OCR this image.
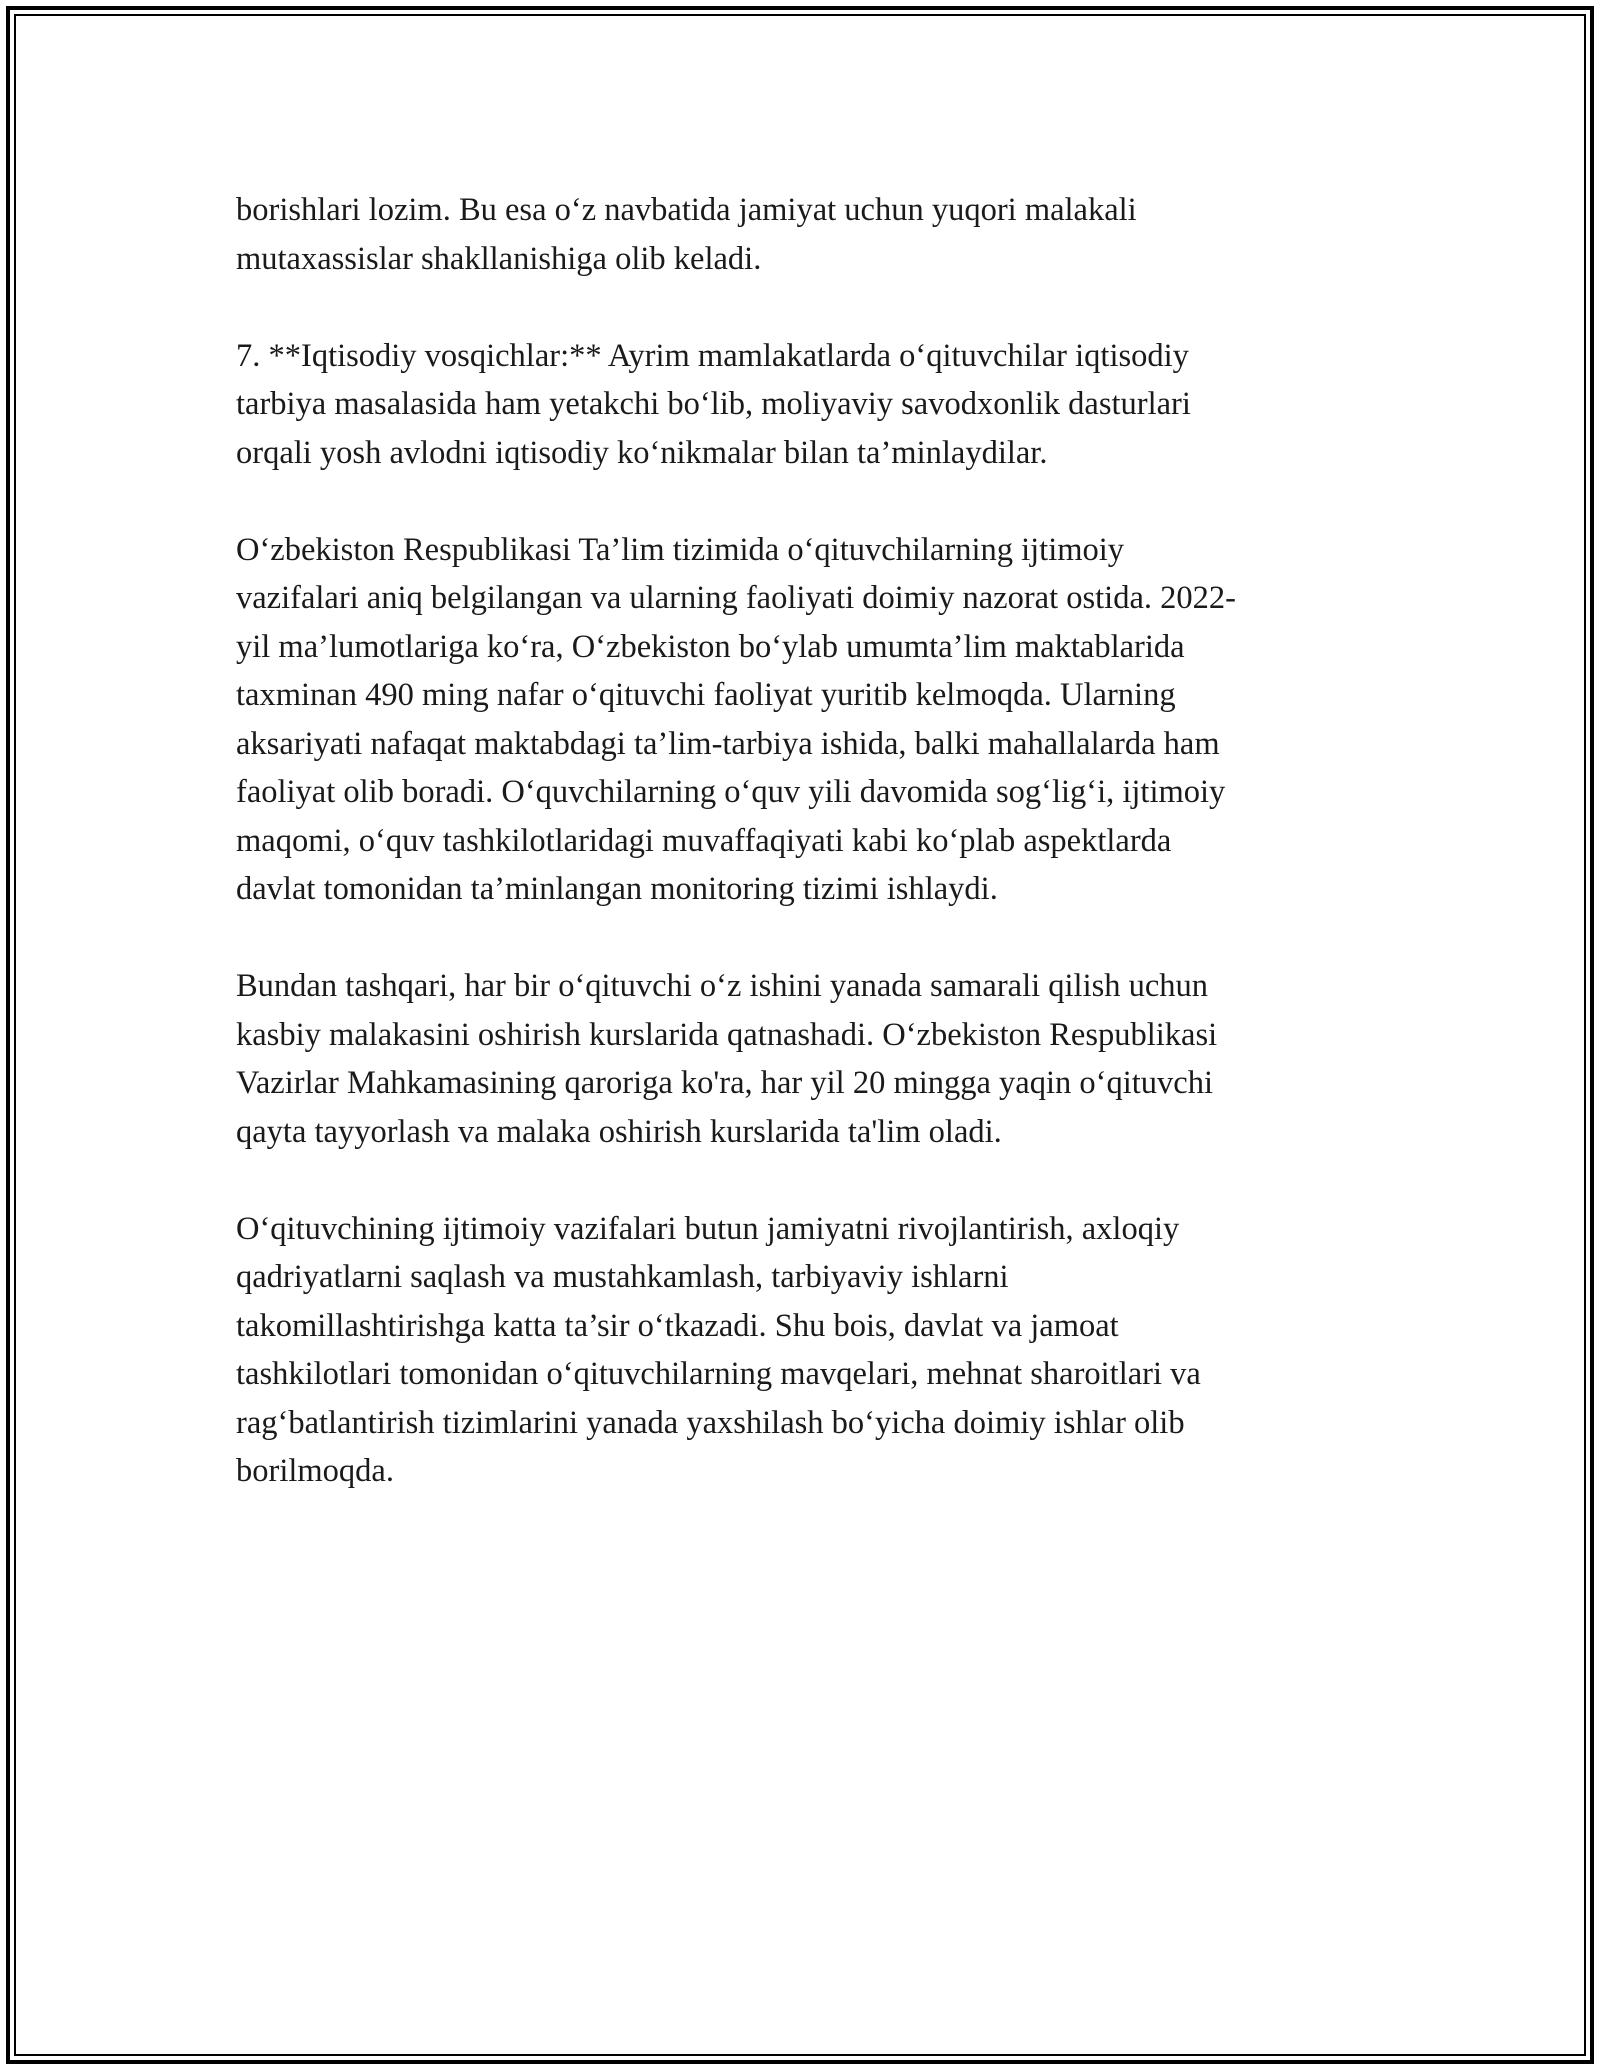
borishlari lozim. Bu esa o‘z navbatida jamiyat uchun yuqori malakali
mutaxassislar shakllanishiga olib keladi.

7. **Iqtisodiy vosqichlar:** Ayrim mamlakatlarda o‘qituvchilar iqtisodiy
tarbiya masalasida ham yetakchi bo‘lib, moliyaviy savodxonlik dasturlari
orqali yosh avlodni iqtisodiy ko‘nikmalar bilan ta’minlaydilar.

O‘zbekiston Respublikasi Ta’lim tizimida o‘qituvchilarning ijtimoiy
vazifalari aniq belgilangan va ularning faoliyati doimiy nazorat ostida. 2022-
yil ma’lumotlariga ko‘ra, O‘zbekiston bo‘ylab umumta’lim maktablarida
taxminan 490 ming nafar o‘qituvchi faoliyat yuritib kelmoqda. Ularning
aksariyati nafaqat maktabdagi ta’lim-tarbiya ishida, balki mahallalarda ham
faoliyat olib boradi. O‘quvchilarning o‘quv yili davomida sog‘lig‘i, ijtimoiy
maqomi, o‘quv tashkilotlaridagi muvaffaqiyati kabi ko‘plab aspektlarda
davlat tomonidan ta’minlangan monitoring tizimi ishlaydi.

Bundan tashqari, har bir o‘qituvchi o‘z ishini yanada samarali qilish uchun
kasbiy malakasini oshirish kurslarida qatnashadi. O‘zbekiston Respublikasi
Vazirlar Mahkamasining qaroriga ko'ra, har yil 20 mingga yaqin o‘qituvchi
qayta tayyorlash va malaka oshirish kurslarida ta'lim oladi.

O‘qituvchining ijtimoiy vazifalari butun jamiyatni rivojlantirish, axloqiy
qadriyatlarni saqlash va mustahkamlash, tarbiyaviy ishlarni
takomillashtirishga katta ta’sir o‘tkazadi. Shu bois, davlat va jamoat
tashkilotlari tomonidan o‘qituvchilarning mavqelari, mehnat sharoitlari va
rag‘batlantirish tizimlarini yanada yaxshilash bo‘yicha doimiy ishlar olib
borilmoqda.
